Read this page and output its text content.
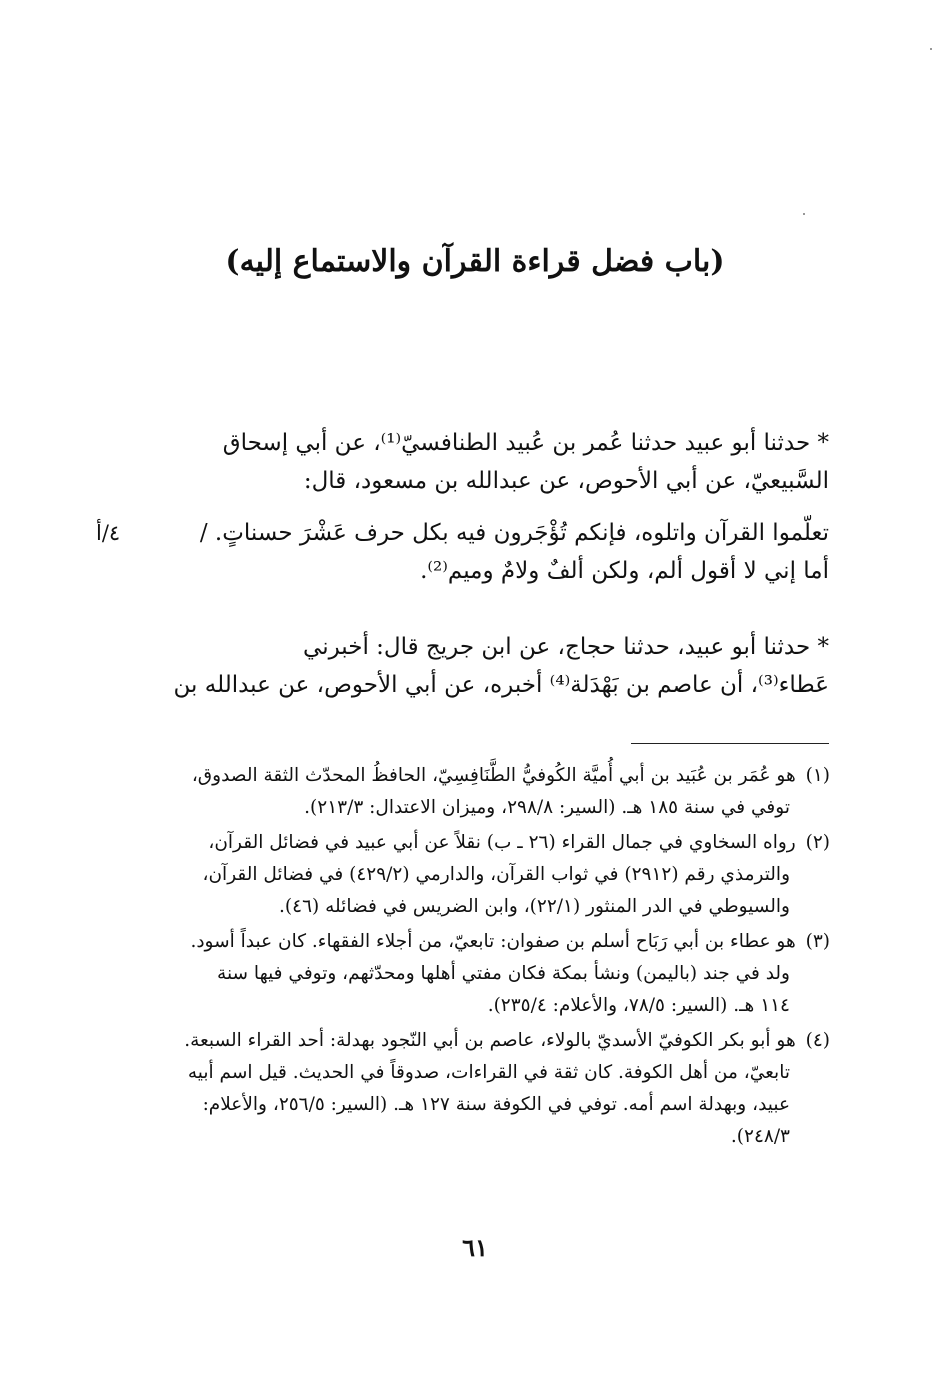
(باب فضل قراءة القرآن والاستماع إليه)
* حدثنا أبو عبيد حدثنا عُمر بن عُبيد الطنافسيّ⁽¹⁾، عن أبي إسحاق
السَّبيعيّ، عن أبي الأحوص، عن عبدالله بن مسعود، قال:
تعلّموا القرآن واتلوه، فإنكم تُؤْجَرون فيه بكل حرف عَشْرَ حسناتٍ. /
٤/أ
أما إني لا أقول ألم، ولكن ألفٌ ولامٌ وميم⁽²⁾.
* حدثنا أبو عبيد، حدثنا حجاج، عن ابن جريج قال: أخبرني
عَطاء⁽³⁾، أن عاصم بن بَهْدَلة⁽⁴⁾ أخبره، عن أبي الأحوص، عن عبدالله بن
(١) هو عُمَر بن عُبَيد بن أبي أُميَّة الكُوفيُّ الطَّنَافِسِيّ، الحافظُ المحدّث الثقة الصدوق،
توفي في سنة ١٨٥ هـ. (السير: ٢٩٨/٨، وميزان الاعتدال: ٢١٣/٣).
(٢) رواه السخاوي في جمال القراء (٢٦ ـ ب) نقلاً عن أبي عبيد في فضائل القرآن،
والترمذي رقم (٢٩١٢) في ثواب القرآن، والدارمي (٤٢٩/٢) في فضائل القرآن،
والسيوطي في الدر المنثور (٢٢/١)، وابن الضريس في فضائله (٤٦).
(٣) هو عطاء بن أبي رَبَاح أسلم بن صفوان: تابعيّ، من أجلاء الفقهاء. كان عبداً أسود.
ولد في جند (باليمن) ونشأ بمكة فكان مفتي أهلها ومحدّثهم، وتوفي فيها سنة
١١٤ هـ. (السير: ٧٨/٥، والأعلام: ٢٣٥/٤).
(٤) هو أبو بكر الكوفيّ الأسديّ بالولاء، عاصم بن أبي النّجود بهدلة: أحد القراء السبعة.
تابعيّ، من أهل الكوفة. كان ثقة في القراءات، صدوقاً في الحديث. قيل اسم أبيه
عبيد، وبهدلة اسم أمه. توفي في الكوفة سنة ١٢٧ هـ. (السير: ٢٥٦/٥، والأعلام:
٢٤٨/٣).
٦١
